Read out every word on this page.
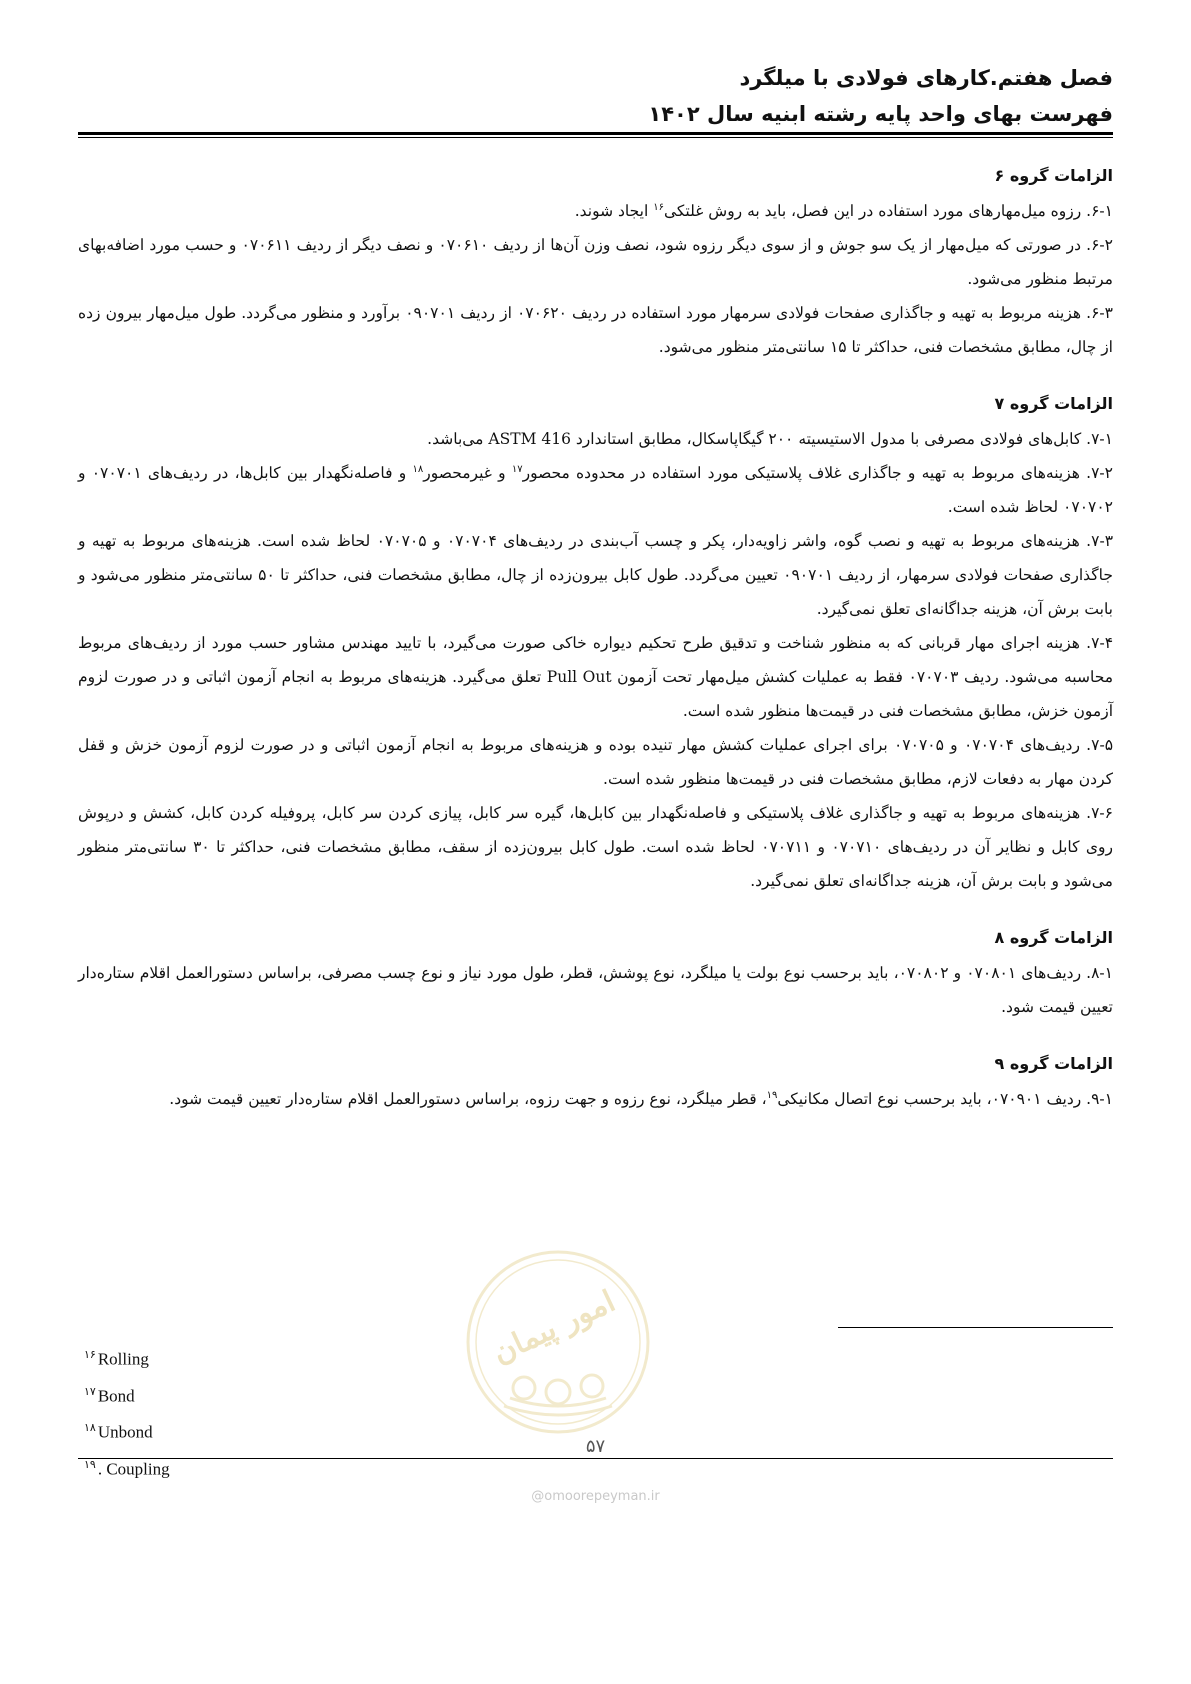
فصل هفتم.کارهای فولادی با میلگرد
فهرست بهای واحد پایه رشته ابنیه سال ۱۴۰۲

الزامات گروه ۶

۶-۱. رزوه میل‌مهارهای مورد استفاده در این فصل، باید به روش غلتکی$^{۱۶}$ ایجاد شوند.

۶-۲. در صورتی که میل‌مهار از یک سو جوش و از سوی دیگر رزوه شود، نصف وزن آن‌ها از ردیف ۰۷۰۶۱۰ و نصف دیگر از ردیف ۰۷۰۶۱۱ و حسب مورد اضافه‌بهای مرتبط منظور می‌شود.

۶-۳. هزینه مربوط به تهیه و جاگذاری صفحات فولادی سرمهار مورد استفاده در ردیف ۰۷۰۶۲۰ از ردیف ۰۹۰۷۰۱ برآورد و منظور می‌گردد. طول میل‌مهار بیرون زده از چال، مطابق مشخصات فنی، حداکثر تا ۱۵ سانتی‌متر منظور می‌شود.

الزامات گروه ۷

۷-۱. کابل‌های فولادی مصرفی با مدول الاستیسیته ۲۰۰ گیگاپاسکال، مطابق استاندارد ASTM 416 می‌باشد.

۷-۲. هزینه‌های مربوط به تهیه و جاگذاری غلاف پلاستیکی مورد استفاده در محدوده محصور$^{۱۷}$ و غیرمحصور$^{۱۸}$ و فاصله‌نگهدار بین کابل‌ها، در ردیف‌های ۰۷۰۷۰۱ و ۰۷۰۷۰۲ لحاظ شده است.

۷-۳. هزینه‌های مربوط به تهیه و نصب گوه، واشر زاویه‌دار، پکر و چسب آب‌بندی در ردیف‌های ۰۷۰۷۰۴ و ۰۷۰۷۰۵ لحاظ شده است. هزینه‌های مربوط به تهیه و جاگذاری صفحات فولادی سرمهار، از ردیف ۰۹۰۷۰۱ تعیین می‌گردد. طول کابل بیرون‌زده از چال، مطابق مشخصات فنی، حداکثر تا ۵۰ سانتی‌متر منظور می‌شود و بابت برش آن، هزینه جداگانه‌ای تعلق نمی‌گیرد.

۷-۴. هزینه اجرای مهار قربانی که به منظور شناخت و تدقیق طرح تحکیم دیواره خاکی صورت می‌گیرد، با تایید مهندس مشاور حسب مورد از ردیف‌های مربوط محاسبه می‌شود. ردیف ۰۷۰۷۰۳ فقط به عملیات کشش میل‌مهار تحت آزمون Pull Out تعلق می‌گیرد. هزینه‌های مربوط به انجام آزمون اثباتی و در صورت لزوم آزمون خزش، مطابق مشخصات فنی در قیمت‌ها منظور شده است.

۷-۵. ردیف‌های ۰۷۰۷۰۴ و ۰۷۰۷۰۵ برای اجرای عملیات کشش مهار تنیده بوده و هزینه‌های مربوط به انجام آزمون اثباتی و در صورت لزوم آزمون خزش و قفل کردن مهار به دفعات لازم، مطابق مشخصات فنی در قیمت‌ها منظور شده است.

۷-۶. هزینه‌های مربوط به تهیه و جاگذاری غلاف پلاستیکی و فاصله‌نگهدار بین کابل‌ها، گیره سر کابل، پیازی کردن سر کابل، پروفیله کردن کابل، کشش و درپوش روی کابل و نظایر آن در ردیف‌های ۰۷۰۷۱۰ و ۰۷۰۷۱۱ لحاظ شده است. طول کابل بیرون‌زده از سقف، مطابق مشخصات فنی، حداکثر تا ۳۰ سانتی‌متر منظور می‌شود و بابت برش آن، هزینه جداگانه‌ای تعلق نمی‌گیرد.

الزامات گروه ۸

۸-۱. ردیف‌های ۰۷۰۸۰۱ و ۰۷۰۸۰۲، باید برحسب نوع بولت یا میلگرد، نوع پوشش، قطر، طول مورد نیاز و نوع چسب مصرفی، براساس دستورالعمل اقلام ستاره‌دار تعیین قیمت شود.

الزامات گروه ۹

۹-۱. ردیف ۰۷۰۹۰۱، باید برحسب نوع اتصال مکانیکی$^{۱۹}$، قطر میلگرد، نوع رزوه و جهت رزوه، براساس دستورالعمل اقلام ستاره‌دار تعیین قیمت شود.

$^{۱۶}$ Rolling
$^{۱۷}$ Bond
$^{۱۸}$ Unbond
$^{۱۹}$ . Coupling
امور پیمان
۵۷
@omoorepeyman.ir
